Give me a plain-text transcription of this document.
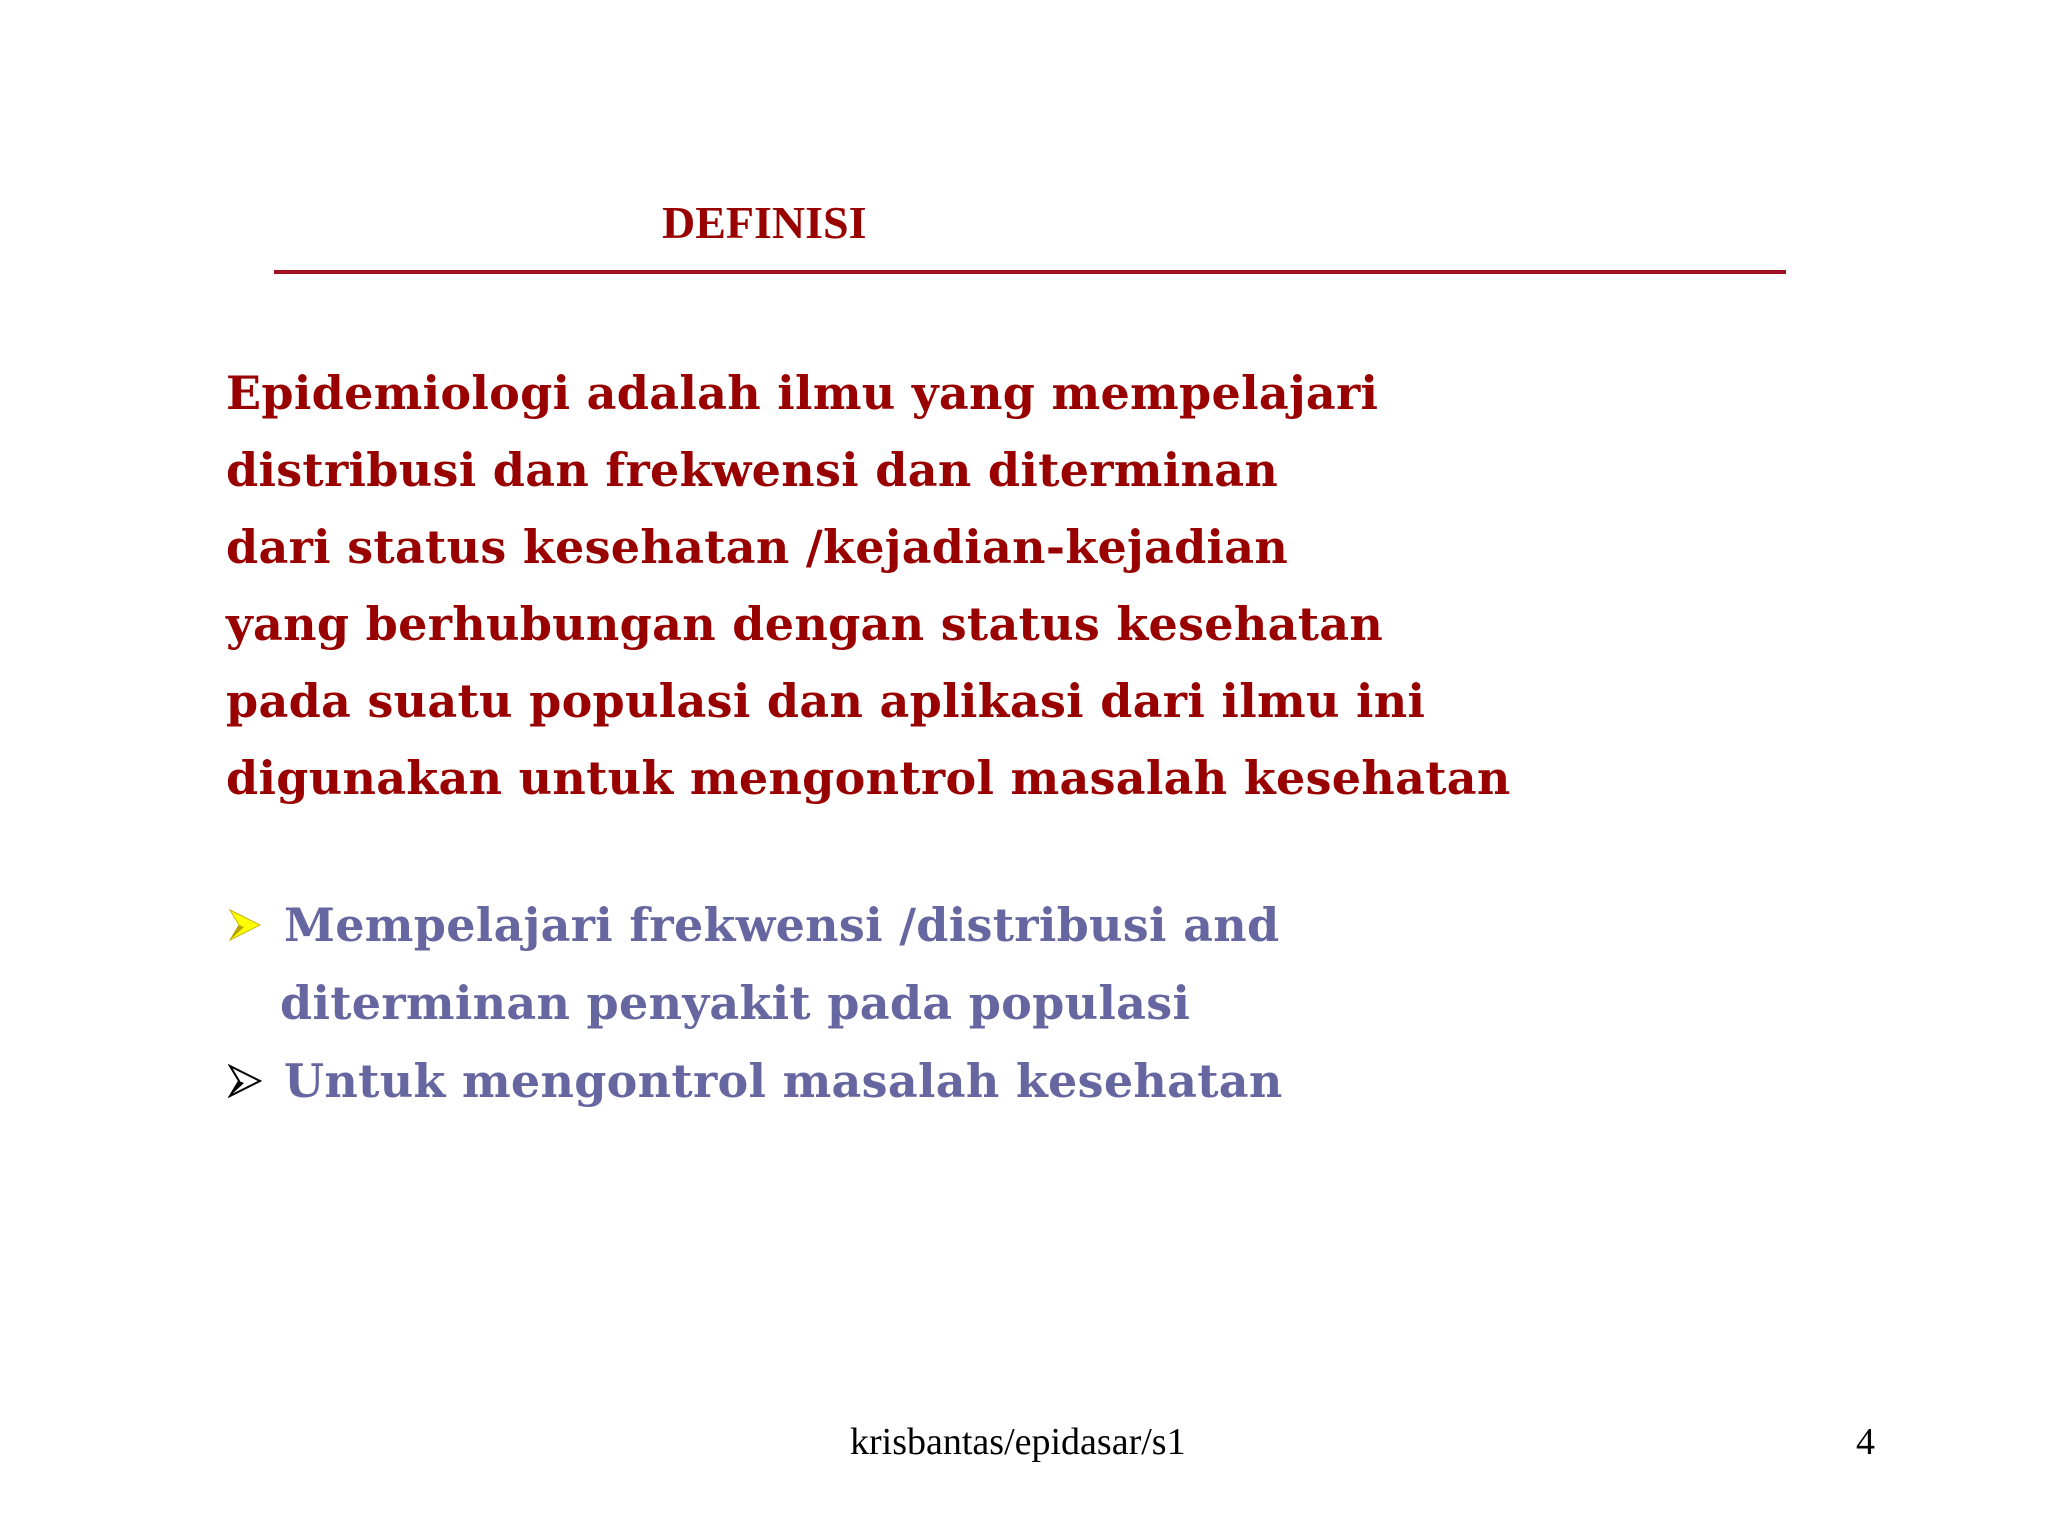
DEFINISI
Epidemiologi adalah ilmu yang mempelajari
distribusi dan frekwensi dan diterminan
dari status kesehatan /kejadian-kejadian
yang berhubungan dengan status kesehatan
pada suatu populasi dan aplikasi dari ilmu ini
digunakan untuk mengontrol masalah kesehatan
Mempelajari frekwensi /distribusi and
diterminan penyakit pada populasi
Untuk mengontrol masalah kesehatan
krisbantas/epidasar/s1	4
